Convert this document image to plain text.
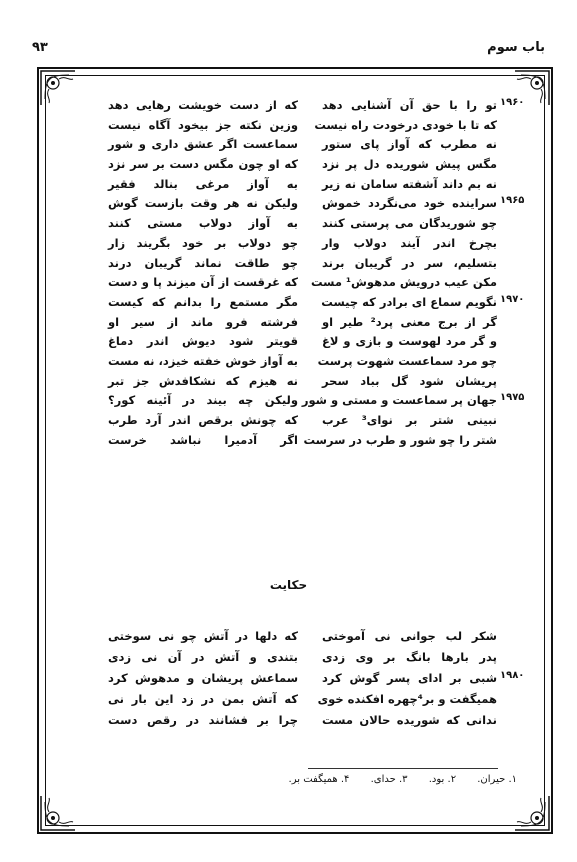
۹۳	باب سوم
تو را با حق آن آشنایی دهد
که تا با خودی درخودت راه نیست
نه مطرب که آواز پای ستور
مگس پیش شوریده دل پر نزد
نه بم داند آشفته سامان نه زیر
سراینده خود می‌نگردد خموش
چو شوریدگان می پرستی کنند
بچرخ اندر آیند دولاب وار
بتسلیم، سر در گریبان برند
مکن عیب درویش مدهوش¹ مست
نگویم سماع ای برادر که چیست
گر از برج معنی پرد² طیر او
و گر مرد لهوست و بازی و لاغ
چو مرد سماعست شهوت پرست
پریشان شود گل بباد سحر
جهان پر سماعست و مستی و شور
نبینی شتر بر نوای³ عرب
شتر را چو شور و طرب در سرست
که از دست خویشت رهایی دهد
وزین نکته جز بیخود آگاه نیست
سماعست اگر عشق داری و شور
که او چون مگس دست بر سر نزد
به آواز مرغی بنالد فقیر
ولیکن نه هر وقت بازست گوش
به آواز دولاب مستی کنند
چو دولاب بر خود بگریند زار
چو طاقت نماند گریبان درند
که غرقست از آن میزند پا و دست
مگر مستمع را بدانم که کیست
فرشته فرو ماند از سیر او
قویتر شود دیوش اندر دماغ
به آواز خوش خفته خیزد، نه مست
نه هیزم که نشکافدش جز تبر
ولیکن چه بیند در آئینه کور؟
که چونش برقص اندر آرد طرب
اگر آدمیرا نباشد خرست
۱۹۶۰
۱۹۶۵
۱۹۷۰
۱۹۷۵
۱۹۸۰
حکایت
شکر لب جوانی نی آموختی
پدر بارها بانگ بر وی زدی
شبی بر ادای پسر گوش کرد
همیگفت و بر⁴چهره افکنده خوی
ندانی که شوریده حالان مست
که دلها در آتش چو نی سوختی
بتندی و آتش در آن نی زدی
سماعش پریشان و مدهوش کرد
که آتش بمن در زد این بار نی
چرا بر فشانند در رقص دست
۱. حیران. ۲. بود. ۳. حدای. ۴. همیگفت بر.
